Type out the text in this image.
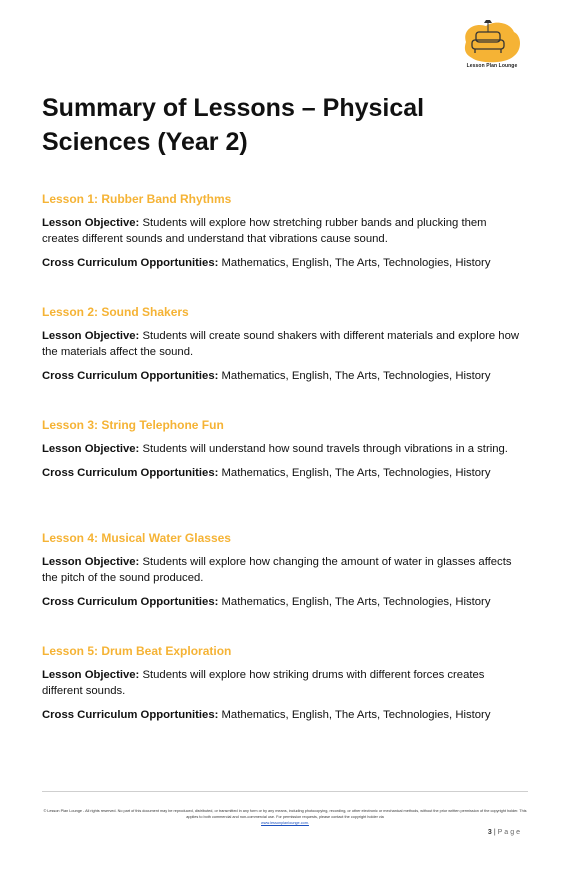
Lesson Plan Lounge
Summary of Lessons – Physical Sciences (Year 2)
Lesson 1: Rubber Band Rhythms

Lesson Objective: Students will explore how stretching rubber bands and plucking them creates different sounds and understand that vibrations cause sound.

Cross Curriculum Opportunities: Mathematics, English, The Arts, Technologies, History

Lesson 2: Sound Shakers

Lesson Objective: Students will create sound shakers with different materials and explore how the materials affect the sound.

Cross Curriculum Opportunities: Mathematics, English, The Arts, Technologies, History

Lesson 3: String Telephone Fun

Lesson Objective: Students will understand how sound travels through vibrations in a string.

Cross Curriculum Opportunities: Mathematics, English, The Arts, Technologies, History

Lesson 4: Musical Water Glasses

Lesson Objective: Students will explore how changing the amount of water in glasses affects the pitch of the sound produced.

Cross Curriculum Opportunities: Mathematics, English, The Arts, Technologies, History

Lesson 5: Drum Beat Exploration

Lesson Objective: Students will explore how striking drums with different forces creates different sounds.

Cross Curriculum Opportunities: Mathematics, English, The Arts, Technologies, History

© Lesson Plan Lounge - All rights reserved. No part of this document may be reproduced, distributed, or transmitted in any form or by any means, including photocopying, recording, or other electronic or mechanical methods, without the prior written permission of the copyright holder. This applies to both commercial and non-commercial use. For permission requests, please contact the copyright holder via
www.lessonplanlounge.com.
3 | Page
